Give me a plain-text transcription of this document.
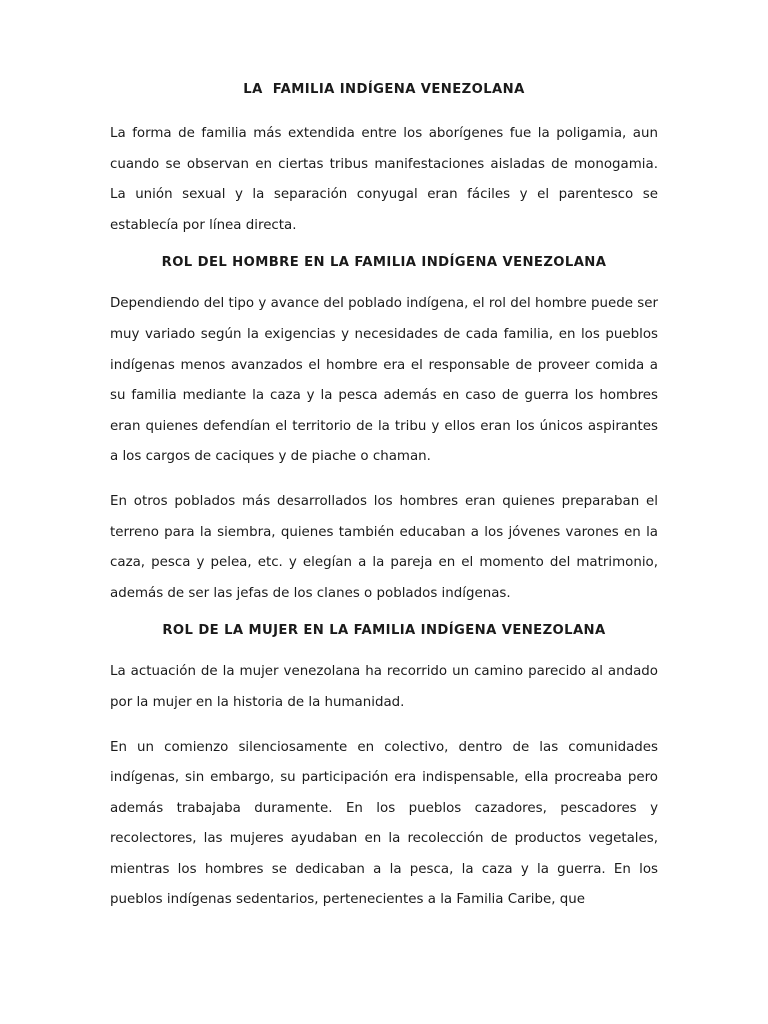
LA  FAMILIA INDÍGENA VENEZOLANA

La forma de familia más extendida entre los aborígenes fue la poligamia, aun cuando se observan en ciertas tribus manifestaciones aisladas de monogamia. La unión sexual y la separación conyugal eran fáciles y el parentesco se establecía por línea directa.

ROL DEL HOMBRE EN LA FAMILIA INDÍGENA VENEZOLANA

Dependiendo del tipo y avance del poblado indígena, el rol del hombre puede ser muy variado según la exigencias y necesidades de cada familia, en los pueblos indígenas menos avanzados el hombre era el responsable de proveer comida a su familia mediante la caza y la pesca además en caso de guerra los hombres eran quienes defendían el territorio de la tribu y ellos eran los únicos aspirantes a los cargos de caciques y de piache o chaman.

En otros poblados más desarrollados los hombres eran quienes preparaban el terreno para la siembra, quienes también educaban a los jóvenes varones en la caza, pesca y pelea, etc. y elegían a la pareja en el momento del matrimonio, además de ser las jefas de los clanes o poblados indígenas.

ROL DE LA MUJER EN LA FAMILIA INDÍGENA VENEZOLANA

La actuación de la mujer venezolana ha recorrido un camino parecido al andado por la mujer en la historia de la humanidad.

En un comienzo silenciosamente en colectivo, dentro de las comunidades indígenas, sin embargo, su participación era indispensable, ella procreaba pero además trabajaba duramente. En los pueblos cazadores, pescadores y recolectores, las mujeres ayudaban en la recolección de productos vegetales, mientras los hombres se dedicaban a la pesca, la caza y la guerra. En los pueblos indígenas sedentarios, pertenecientes a la Familia Caribe, que
